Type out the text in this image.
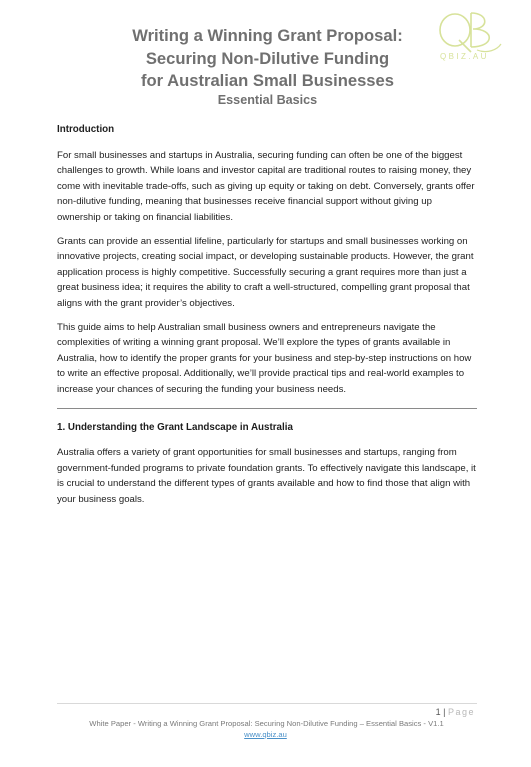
QBIZ.AU
Writing a Winning Grant Proposal:
Securing Non-Dilutive Funding
for Australian Small Businesses
Essential Basics

Introduction

For small businesses and startups in Australia, securing funding can often be one of the biggest challenges to growth. While loans and investor capital are traditional routes to raising money, they come with inevitable trade-offs, such as giving up equity or taking on debt. Conversely, grants offer non-dilutive funding, meaning that businesses receive financial support without giving up ownership or taking on financial liabilities.

Grants can provide an essential lifeline, particularly for startups and small businesses working on innovative projects, creating social impact, or developing sustainable products. However, the grant application process is highly competitive. Successfully securing a grant requires more than just a great business idea; it requires the ability to craft a well-structured, compelling grant proposal that aligns with the grant provider’s objectives.

This guide aims to help Australian small business owners and entrepreneurs navigate the complexities of writing a winning grant proposal. We’ll explore the types of grants available in Australia, how to identify the proper grants for your business and step-by-step instructions on how to write an effective proposal. Additionally, we’ll provide practical tips and real-world examples to increase your chances of securing the funding your business needs.

1. Understanding the Grant Landscape in Australia

Australia offers a variety of grant opportunities for small businesses and startups, ranging from government-funded programs to private foundation grants. To effectively navigate this landscape, it is crucial to understand the different types of grants available and how to find those that align with your business goals.

1 | Page
White Paper - Writing a Winning Grant Proposal: Securing Non-Dilutive Funding – Essential Basics - V1.1
www.qbiz.au
